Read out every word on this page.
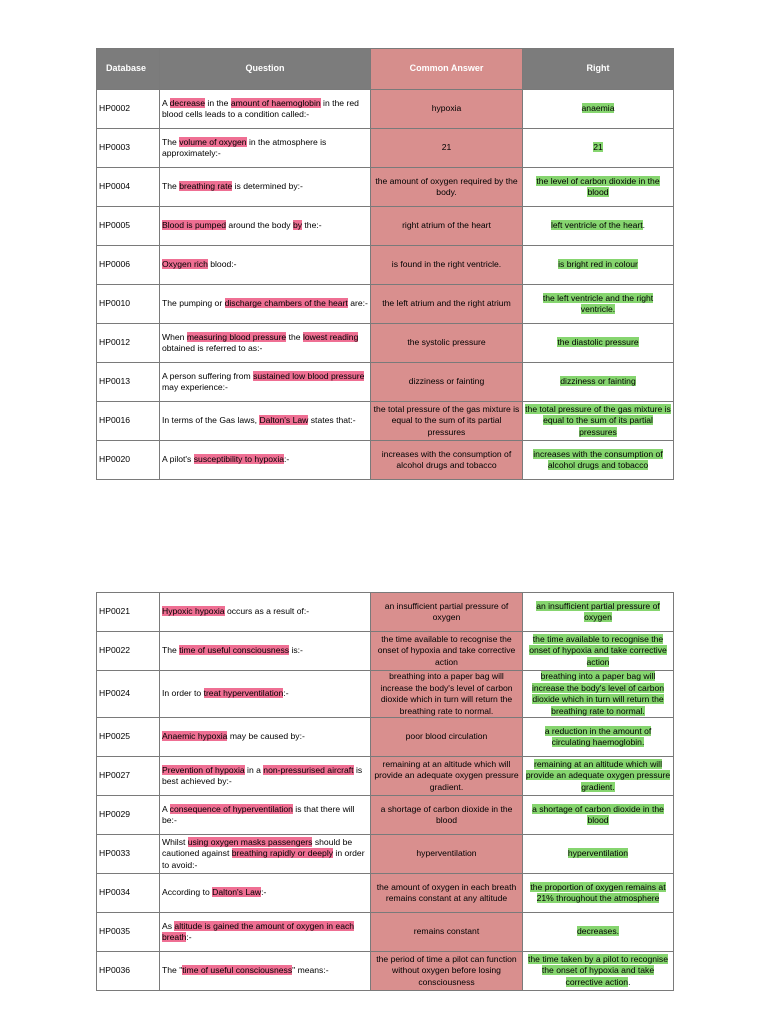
Database	Question	Common Answer	Right
HP0002	A decrease in the amount of haemoglobin in the red blood cells leads to a condition called:-	hypoxia	anaemia
HP0003	The volume of oxygen in the atmosphere is approximately:-	21	21
HP0004	The breathing rate is determined by:-	the amount of oxygen required by the body.	the level of carbon dioxide in the blood
HP0005	Blood is pumped around the body by the:-	right atrium of the heart	left ventricle of the heart.
HP0006	Oxygen rich blood:-	is found in the right ventricle.	is bright red in colour
HP0010	The pumping or discharge chambers of the heart are:-	the left atrium and the right atrium	the left ventricle and the right ventricle.
HP0012	When measuring blood pressure the lowest reading obtained is referred to as:-	the systolic pressure	the diastolic pressure
HP0013	A person suffering from sustained low blood pressure may experience:-	dizziness or fainting	dizziness or fainting
HP0016	In terms of the Gas laws, Dalton's Law states that:-	the total pressure of the gas mixture is equal to the sum of its partial pressures	the total pressure of the gas mixture is equal to the sum of its partial pressures
HP0020	A pilot's susceptibility to hypoxia:-	increases with the consumption of alcohol drugs and tobacco	increases with the consumption of alcohol drugs and tobacco
HP0021	Hypoxic hypoxia occurs as a result of:-	an insufficient partial pressure of oxygen	an insufficient partial pressure of oxygen
HP0022	The time of useful consciousness is:-	the time available to recognise the onset of hypoxia and take corrective action	the time available to recognise the onset of hypoxia and take corrective action
HP0024	In order to treat hyperventilation:-	breathing into a paper bag will increase the body's level of carbon dioxide which in turn will return the breathing rate to normal.	breathing into a paper bag will increase the body's level of carbon dioxide which in turn will return the breathing rate to normal.
HP0025	Anaemic hypoxia may be caused by:-	poor blood circulation	a reduction in the amount of circulating haemoglobin.
HP0027	Prevention of hypoxia in a non-pressurised aircraft is best achieved by:-	remaining at an altitude which will provide an adequate oxygen pressure gradient.	remaining at an altitude which will provide an adequate oxygen pressure gradient.
HP0029	A consequence of hyperventilation is that there will be:-	a shortage of carbon dioxide in the blood	a shortage of carbon dioxide in the blood
HP0033	Whilst using oxygen masks passengers should be cautioned against breathing rapidly or deeply in order to avoid:-	hyperventilation	hyperventilation
HP0034	According to Dalton's Law:-	the amount of oxygen in each breath remains constant at any altitude	the proportion of oxygen remains at 21% throughout the atmosphere
HP0035	As altitude is gained the amount of oxygen in each breath:-	remains constant	decreases.
HP0036	The "time of useful consciousness" means:-	the period of time a pilot can function without oxygen before losing consciousness	the time taken by a pilot to recognise the onset of hypoxia and take corrective action.
